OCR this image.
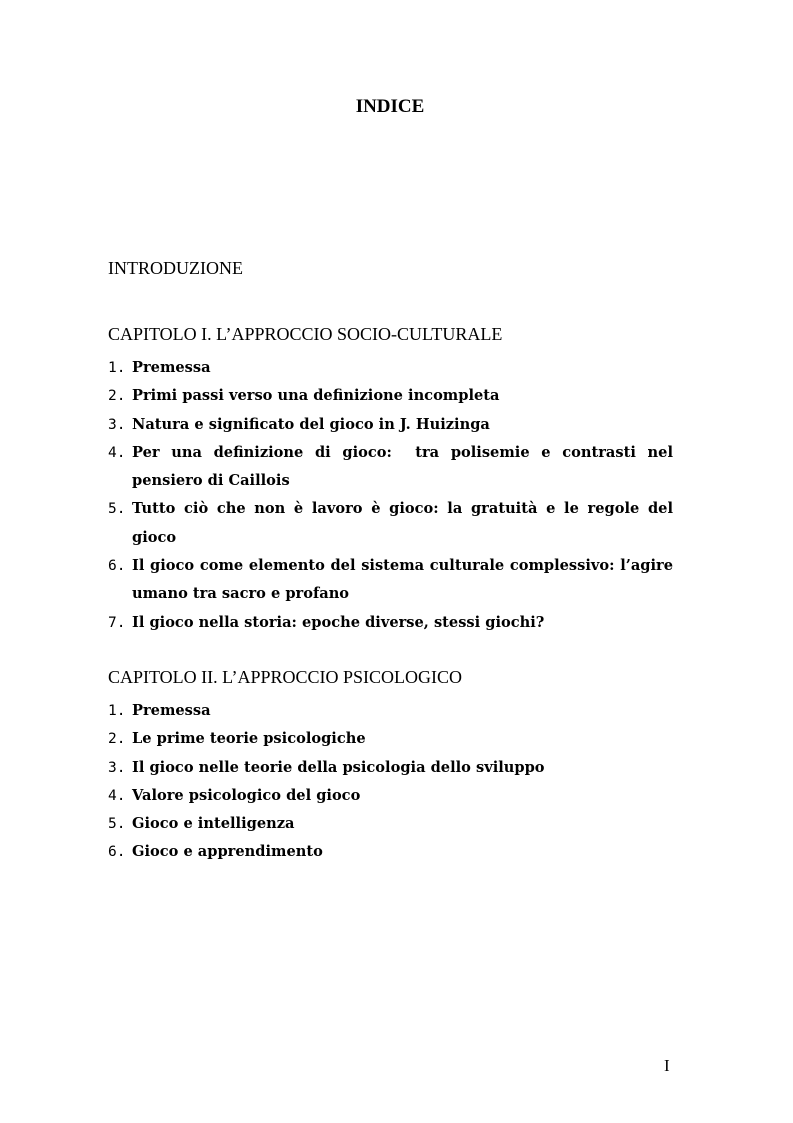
INDICE
INTRODUZIONE
CAPITOLO I. L’APPROCCIO SOCIO-CULTURALE
1. Premessa
2. Primi passi verso una definizione incompleta
3. Natura e significato del gioco in J. Huizinga
4. Per una definizione di gioco:  tra polisemie e contrasti nel pensiero di Caillois
5. Tutto ciò che non è lavoro è gioco: la gratuità e le regole del gioco
6. Il gioco come elemento del sistema culturale complessivo: l’agire umano tra sacro e profano
7. Il gioco nella storia: epoche diverse, stessi giochi?
CAPITOLO II. L’APPROCCIO PSICOLOGICO
1. Premessa
2. Le prime teorie psicologiche
3. Il gioco nelle teorie della psicologia dello sviluppo
4. Valore psicologico del gioco
5. Gioco e intelligenza
6. Gioco e apprendimento
I
